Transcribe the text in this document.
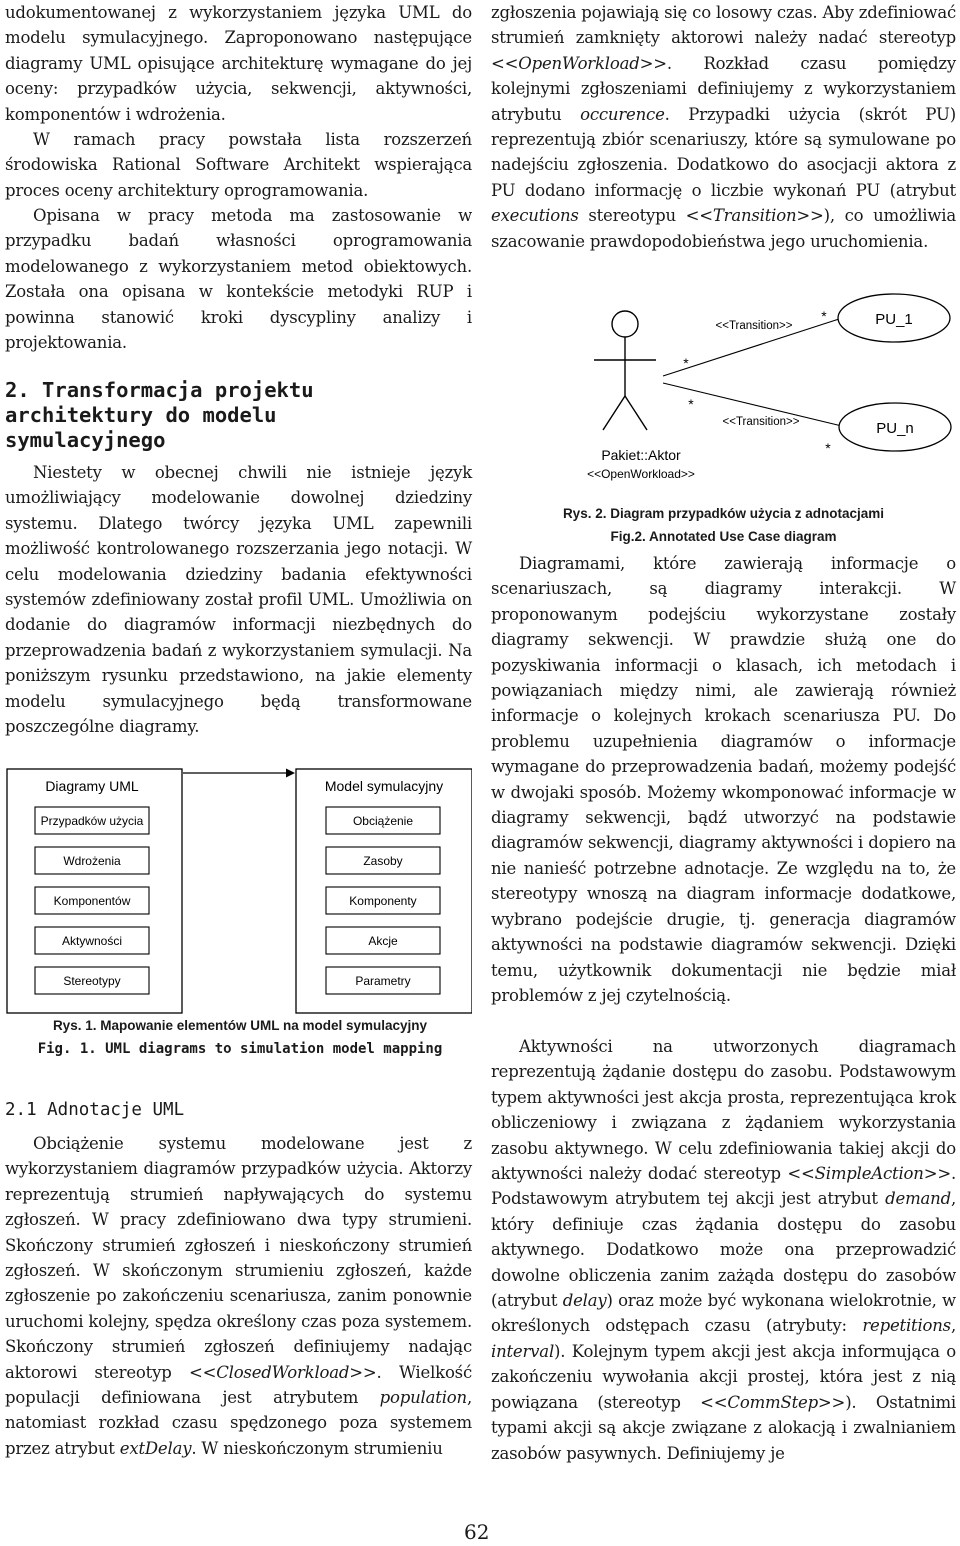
udokumentowanej z wykorzystaniem języka UML do modelu symulacyjnego. Zaproponowano następujące diagramy UML opisujące architekturę wymagane do jej oceny: przypadków użycia, sekwencji, aktywności, komponentów i wdrożenia.

W ramach pracy powstała lista rozszerzeń środowiska Rational Software Architekt wspierająca proces oceny architektury oprogramowania.

Opisana w pracy metoda ma zastosowanie w przypadku badań własności oprogramowania modelowanego z wykorzystaniem metod obiektowych. Została ona opisana w kontekście metodyki RUP i powinna stanowić kroki dyscypliny analizy i projektowania.

2. Transformacja projektu architektury do modelu symulacyjnego

Niestety w obecnej chwili nie istnieje język umożliwiający modelowanie dowolnej dziedziny systemu. Dlatego twórcy języka UML zapewnili możliwość kontrolowanego rozszerzania jego notacji. W celu modelowania dziedziny badania efektywności systemów zdefiniowany został profil UML. Umożliwia on dodanie do diagramów informacji niezbędnych do przeprowadzenia badań z wykorzystaniem symulacji. Na poniższym rysunku przedstawiono, na jakie elementy modelu symulacyjnego będą transformowane poszczególne diagramy.

Diagramy UML	Model symulacyjny
Przypadków użycia
Wdrożenia
Komponentów
Aktywności
Stereotypy
Obciążenie
Zasoby
Komponenty
Akcje
Parametry

Rys. 1. Mapowanie elementów UML na model symulacyjny

Fig. 1. UML diagrams to simulation model mapping

2.1 Adnotacje UML

Obciążenie systemu modelowane jest z wykorzystaniem diagramów przypadków użycia. Aktorzy reprezentują strumień napływających do systemu zgłoszeń. W pracy zdefiniowano dwa typy strumieni. Skończony strumień zgłoszeń i nieskończony strumień zgłoszeń. W skończonym strumieniu zgłoszeń, każde zgłoszenie po zakończeniu scenariusza, zanim ponownie uruchomi kolejny, spędza określony czas poza systemem. Skończony strumień zgłoszeń definiujemy nadając aktorowi stereotyp <<ClosedWorkload>>. Wielkość populacji definiowana jest atrybutem population, natomiast rozkład czasu spędzonego poza systemem przez atrybut extDelay. W nieskończonym strumieniu

zgłoszenia pojawiają się co losowy czas. Aby zdefiniować strumień zamknięty aktorowi należy nadać stereotyp <<OpenWorkload>>. Rozkład czasu pomiędzy kolejnymi zgłoszeniami definiujemy z wykorzystaniem atrybutu occurence. Przypadki użycia (skrót PU) reprezentują zbiór scenariuszy, które są symulowane po nadejściu zgłoszenia. Dodatkowo do asocjacji aktora z PU dodano informację o liczbie wykonań PU (atrybut executions stereotypu <<Transition>>), co umożliwia szacowanie prawdopodobieństwa jego uruchomienia.

Pakiet::Aktor
<<OpenWorkload>>
<<Transition>>
<<Transition>>
*
*
*
*
PU_1
PU_n

Rys. 2. Diagram przypadków użycia z adnotacjami

Fig.2. Annotated Use Case diagram

Diagramami, które zawierają informacje o scenariuszach, są diagramy interakcji. W proponowanym podejściu wykorzystane zostały diagramy sekwencji. W prawdzie służą one do pozyskiwania informacji o klasach, ich metodach i powiązaniach między nimi, ale zawierają również informacje o kolejnych krokach scenariusza PU. Do problemu uzupełnienia diagramów o informacje wymagane do przeprowadzenia badań, możemy podejść w dwojaki sposób. Możemy wkomponować informacje w diagramy sekwencji, bądź utworzyć na podstawie diagramów sekwencji, diagramy aktywności i dopiero na nie nanieść potrzebne adnotacje. Ze względu na to, że stereotypy wnoszą na diagram informacje dodatkowe, wybrano podejście drugie, tj. generacja diagramów aktywności na podstawie diagramów sekwencji. Dzięki temu, użytkownik dokumentacji nie będzie miał problemów z jej czytelnością.

Aktywności na utworzonych diagramach reprezentują żądanie dostępu do zasobu. Podstawowym typem aktywności jest akcja prosta, reprezentująca krok obliczeniowy i związana z żądaniem wykorzystania zasobu aktywnego. W celu zdefiniowania takiej akcji do aktywności należy dodać stereotyp <<SimpleAction>>. Podstawowym atrybutem tej akcji jest atrybut demand, który definiuje czas żądania dostępu do zasobu aktywnego. Dodatkowo może ona przeprowadzić dowolne obliczenia zanim zażąda dostępu do zasobów (atrybut delay) oraz może być wykonana wielokrotnie, w określonych odstępach czasu (atrybuty: repetitions, interval). Kolejnym typem akcji jest akcja informująca o zakończeniu wywołania akcji prostej, która jest z nią powiązana (stereotyp <<CommStep>>). Ostatnimi typami akcji są akcje związane z alokacją i zwalnianiem zasobów pasywnych. Definiujemy je

62
